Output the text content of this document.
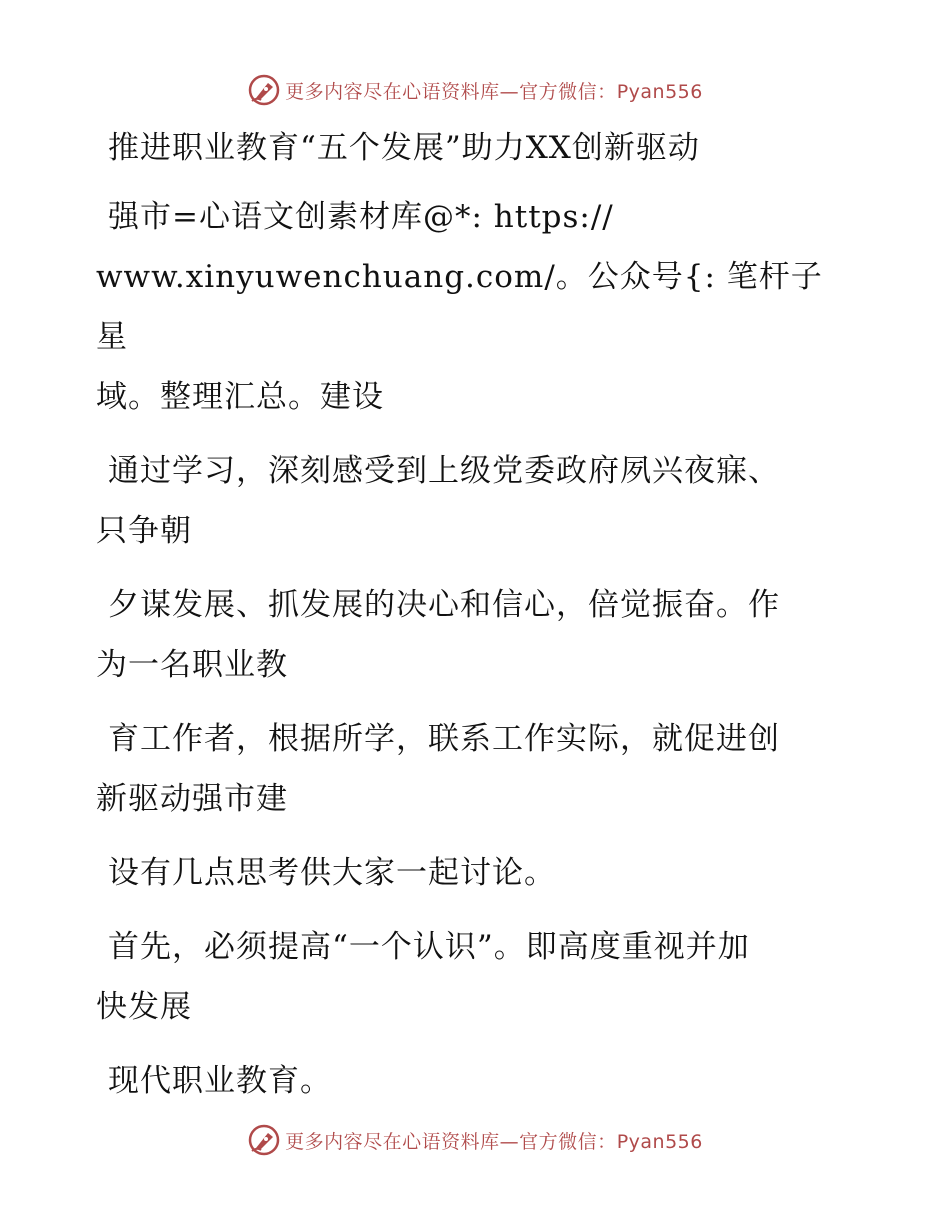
更多内容尽在心语资料库—官方微信：Pyan556

推进职业教育“五个发展”助力XX创新驱动

强市=心语文创素材库@*: https://
www.xinyuwenchuang.com/。公众号{: 笔杆子星
域。整理汇总。建设

通过学习，深刻感受到上级党委政府夙兴夜寐、
只争朝

夕谋发展、抓发展的决心和信心，倍觉振奋。作
为一名职业教

育工作者，根据所学，联系工作实际，就促进创
新驱动强市建

设有几点思考供大家一起讨论。

首先，必须提高“一个认识”。即高度重视并加
快发展

现代职业教育。

更多内容尽在心语资料库—官方微信：Pyan556
